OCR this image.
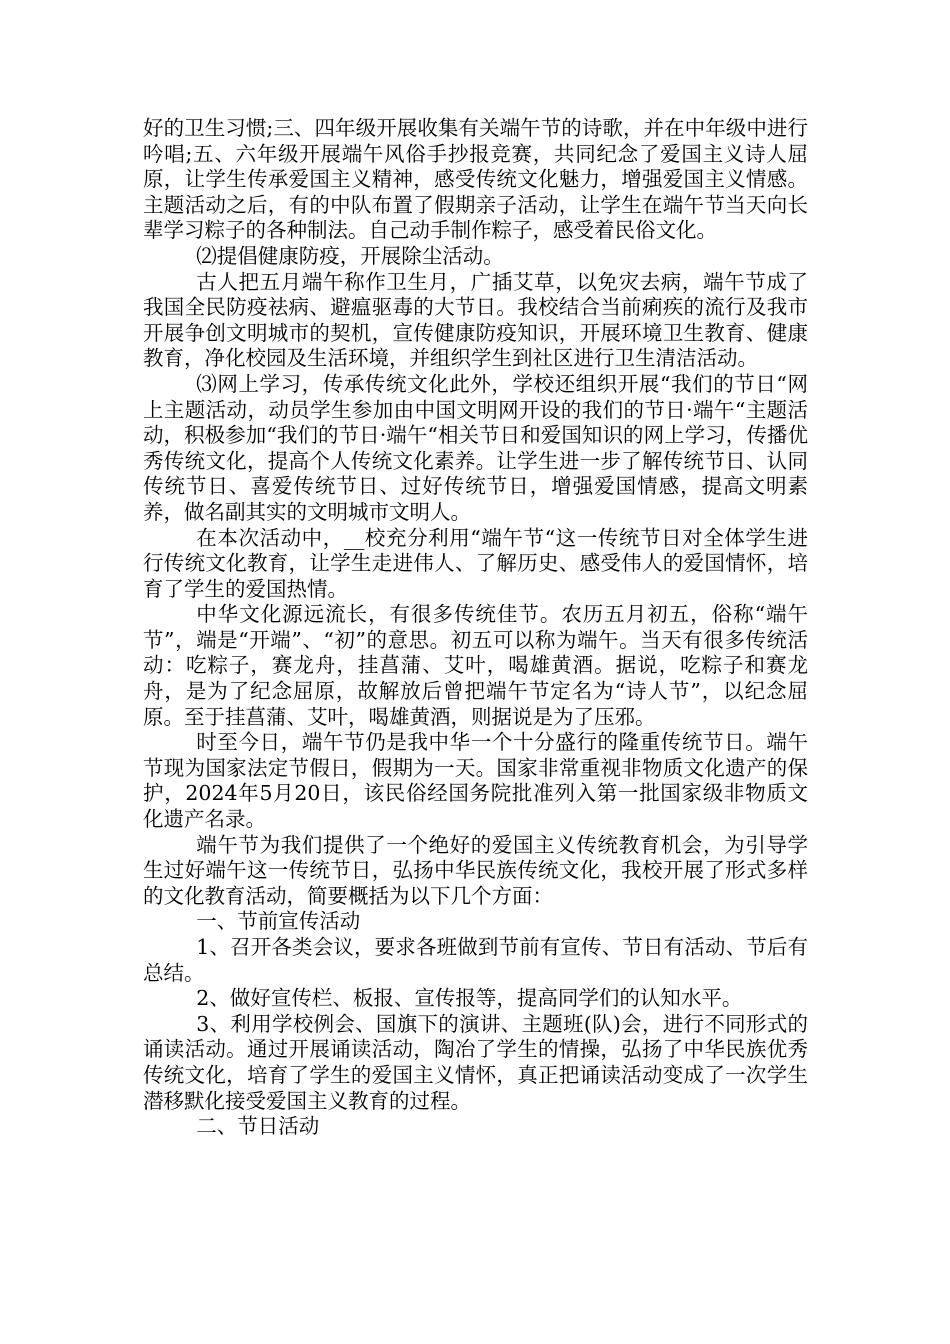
好的卫生习惯;三、四年级开展收集有关端午节的诗歌，并在中年级中进行吟唱;五、六年级开展端午风俗手抄报竞赛，共同纪念了爱国主义诗人屈原，让学生传承爱国主义精神，感受传统文化魅力，增强爱国主义情感。主题活动之后，有的中队布置了假期亲子活动，让学生在端午节当天向长辈学习粽子的各种制法。自己动手制作粽子，感受着民俗文化。

⑵提倡健康防疫，开展除尘活动。

古人把五月端午称作卫生月，广插艾草，以免灾去病，端午节成了我国全民防疫祛病、避瘟驱毒的大节日。我校结合当前痢疾的流行及我市开展争创文明城市的契机，宣传健康防疫知识，开展环境卫生教育、健康教育，净化校园及生活环境，并组织学生到社区进行卫生清洁活动。

⑶网上学习，传承传统文化此外，学校还组织开展“我们的节日“网上主题活动，动员学生参加由中国文明网开设的我们的节日·端午“主题活动，积极参加“我们的节日·端午“相关节日和爱国知识的网上学习，传播优秀传统文化，提高个人传统文化素养。让学生进一步了解传统节日、认同传统节日、喜爱传统节日、过好传统节日，增强爱国情感，提高文明素养，做名副其实的文明城市文明人。

在本次活动中，__校充分利用“端午节“这一传统节日对全体学生进行传统文化教育，让学生走进伟人、了解历史、感受伟人的爱国情怀，培育了学生的爱国热情。

中华文化源远流长，有很多传统佳节。农历五月初五，俗称“端午节”，端是“开端”、“初”的意思。初五可以称为端午。当天有很多传统活动：吃粽子，赛龙舟，挂菖蒲、艾叶，喝雄黄酒。据说，吃粽子和赛龙舟，是为了纪念屈原，故解放后曾把端午节定名为“诗人节”，以纪念屈原。至于挂菖蒲、艾叶，喝雄黄酒，则据说是为了压邪。

时至今日，端午节仍是我中华一个十分盛行的隆重传统节日。端午节现为国家法定节假日，假期为一天。国家非常重视非物质文化遗产的保护，2024年5月20日，该民俗经国务院批准列入第一批国家级非物质文化遗产名录。

端午节为我们提供了一个绝好的爱国主义传统教育机会，为引导学生过好端午这一传统节日，弘扬中华民族传统文化，我校开展了形式多样的文化教育活动，简要概括为以下几个方面：

一、节前宣传活动

1、召开各类会议，要求各班做到节前有宣传、节日有活动、节后有总结。

2、做好宣传栏、板报、宣传报等，提高同学们的认知水平。

3、利用学校例会、国旗下的演讲、主题班(队)会，进行不同形式的诵读活动。通过开展诵读活动，陶冶了学生的情操，弘扬了中华民族优秀传统文化，培育了学生的爱国主义情怀，真正把诵读活动变成了一次学生潜移默化接受爱国主义教育的过程。

二、节日活动
